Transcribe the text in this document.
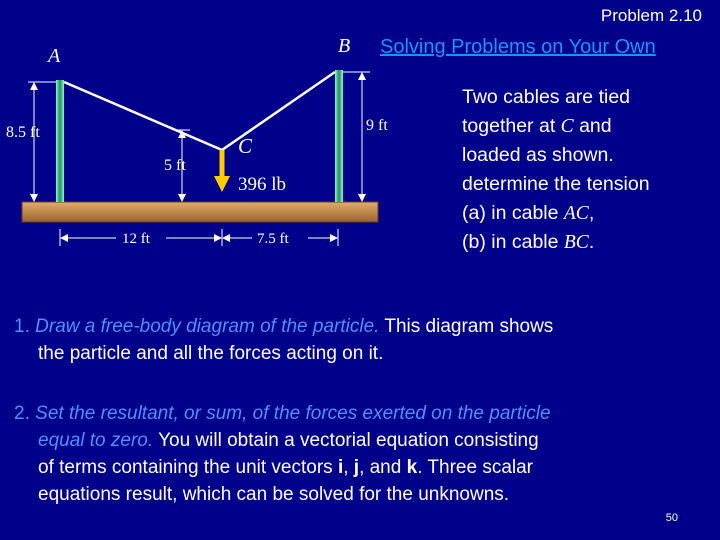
Problem 2.10
Solving Problems on Your Own
A	B
C
396 lb
8.5 ft
5 ft
9 ft
12 ft	7.5 ft
Two cables are tied
together at C and
loaded as shown.
determine the tension
(a) in cable AC,
(b) in cable BC.
1. Draw a free-body diagram of the particle. This diagram shows
the particle and all the forces acting on it.
2. Set the resultant, or sum, of the forces exerted on the particle
equal to zero. You will obtain a vectorial equation consisting
of terms containing the unit vectors i, j, and k. Three scalar
equations result, which can be solved for the unknowns.
50
